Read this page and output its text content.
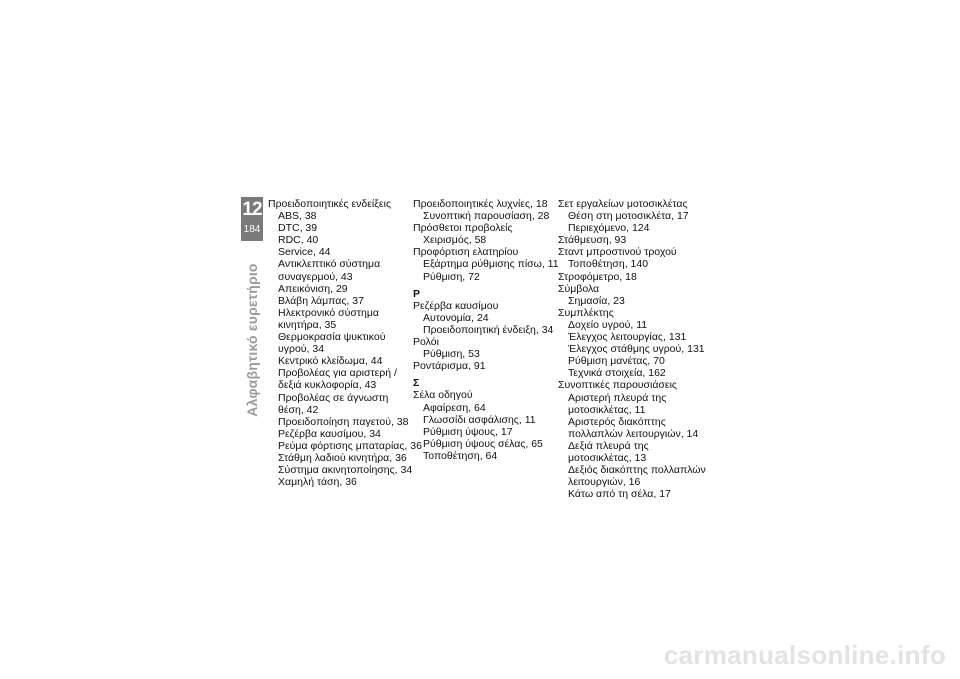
12
184
Αλφαβητικό ευρετήριο
Προειδοποιητικές ενδείξεις
ABS, 38
DTC, 39
RDC, 40
Service, 44
Αντικλεπτικό σύστημα
συναγερμού, 43
Απεικόνιση, 29
Βλάβη λάμπας, 37
Ηλεκτρονικό σύστημα
κινητήρα, 35
Θερμοκρασία ψυκτικού
υγρού, 34
Κεντρικό κλείδωμα, 44
Προβολέας για αριστερή /
δεξιά κυκλοφορία, 43
Προβολέας σε άγνωστη
θέση, 42
Προειδοποίηση παγετού, 38
Ρεζέρβα καυσίμου, 34
Ρεύμα φόρτισης μπαταρίας, 36
Στάθμη λαδιού κινητήρα, 36
Σύστημα ακινητοποίησης, 34
Χαμηλή τάση, 36
Προειδοποιητικές λυχνίες, 18
Συνοπτική παρουσίαση, 28
Πρόσθετοι προβολείς
Χειρισμός, 58
Προφόρτιση ελατηρίου
Εξάρτημα ρύθμισης πίσω, 11
Ρύθμιση, 72
Ρ
Ρεζέρβα καυσίμου
Αυτονομία, 24
Προειδοποιητική ένδειξη, 34
Ρολόι
Ρύθμιση, 53
Ροντάρισμα, 91
Σ
Σέλα οδηγού
Αφαίρεση, 64
Γλωσσίδι ασφάλισης, 11
Ρύθμιση ύψους, 17
Ρύθμιση ύψους σέλας, 65
Τοποθέτηση, 64
Σετ εργαλείων μοτοσικλέτας
Θέση στη μοτοσικλέτα, 17
Περιεχόμενο, 124
Στάθμευση, 93
Σταντ μπροστινού τροχού
Τοποθέτηση, 140
Στροφόμετρο, 18
Σύμβολα
Σημασία, 23
Συμπλέκτης
Δοχείο υγρού, 11
Έλεγχος λειτουργίας, 131
Έλεγχος στάθμης υγρού, 131
Ρύθμιση μανέτας, 70
Τεχνικά στοιχεία, 162
Συνοπτικές παρουσιάσεις
Αριστερή πλευρά της
μοτοσικλέτας, 11
Αριστερός διακόπτης
πολλαπλών λειτουργιών, 14
Δεξιά πλευρά της
μοτοσικλέτας, 13
Δεξιός διακόπτης πολλαπλών
λειτουργιών, 16
Κάτω από τη σέλα, 17
carmanualsonline.info
